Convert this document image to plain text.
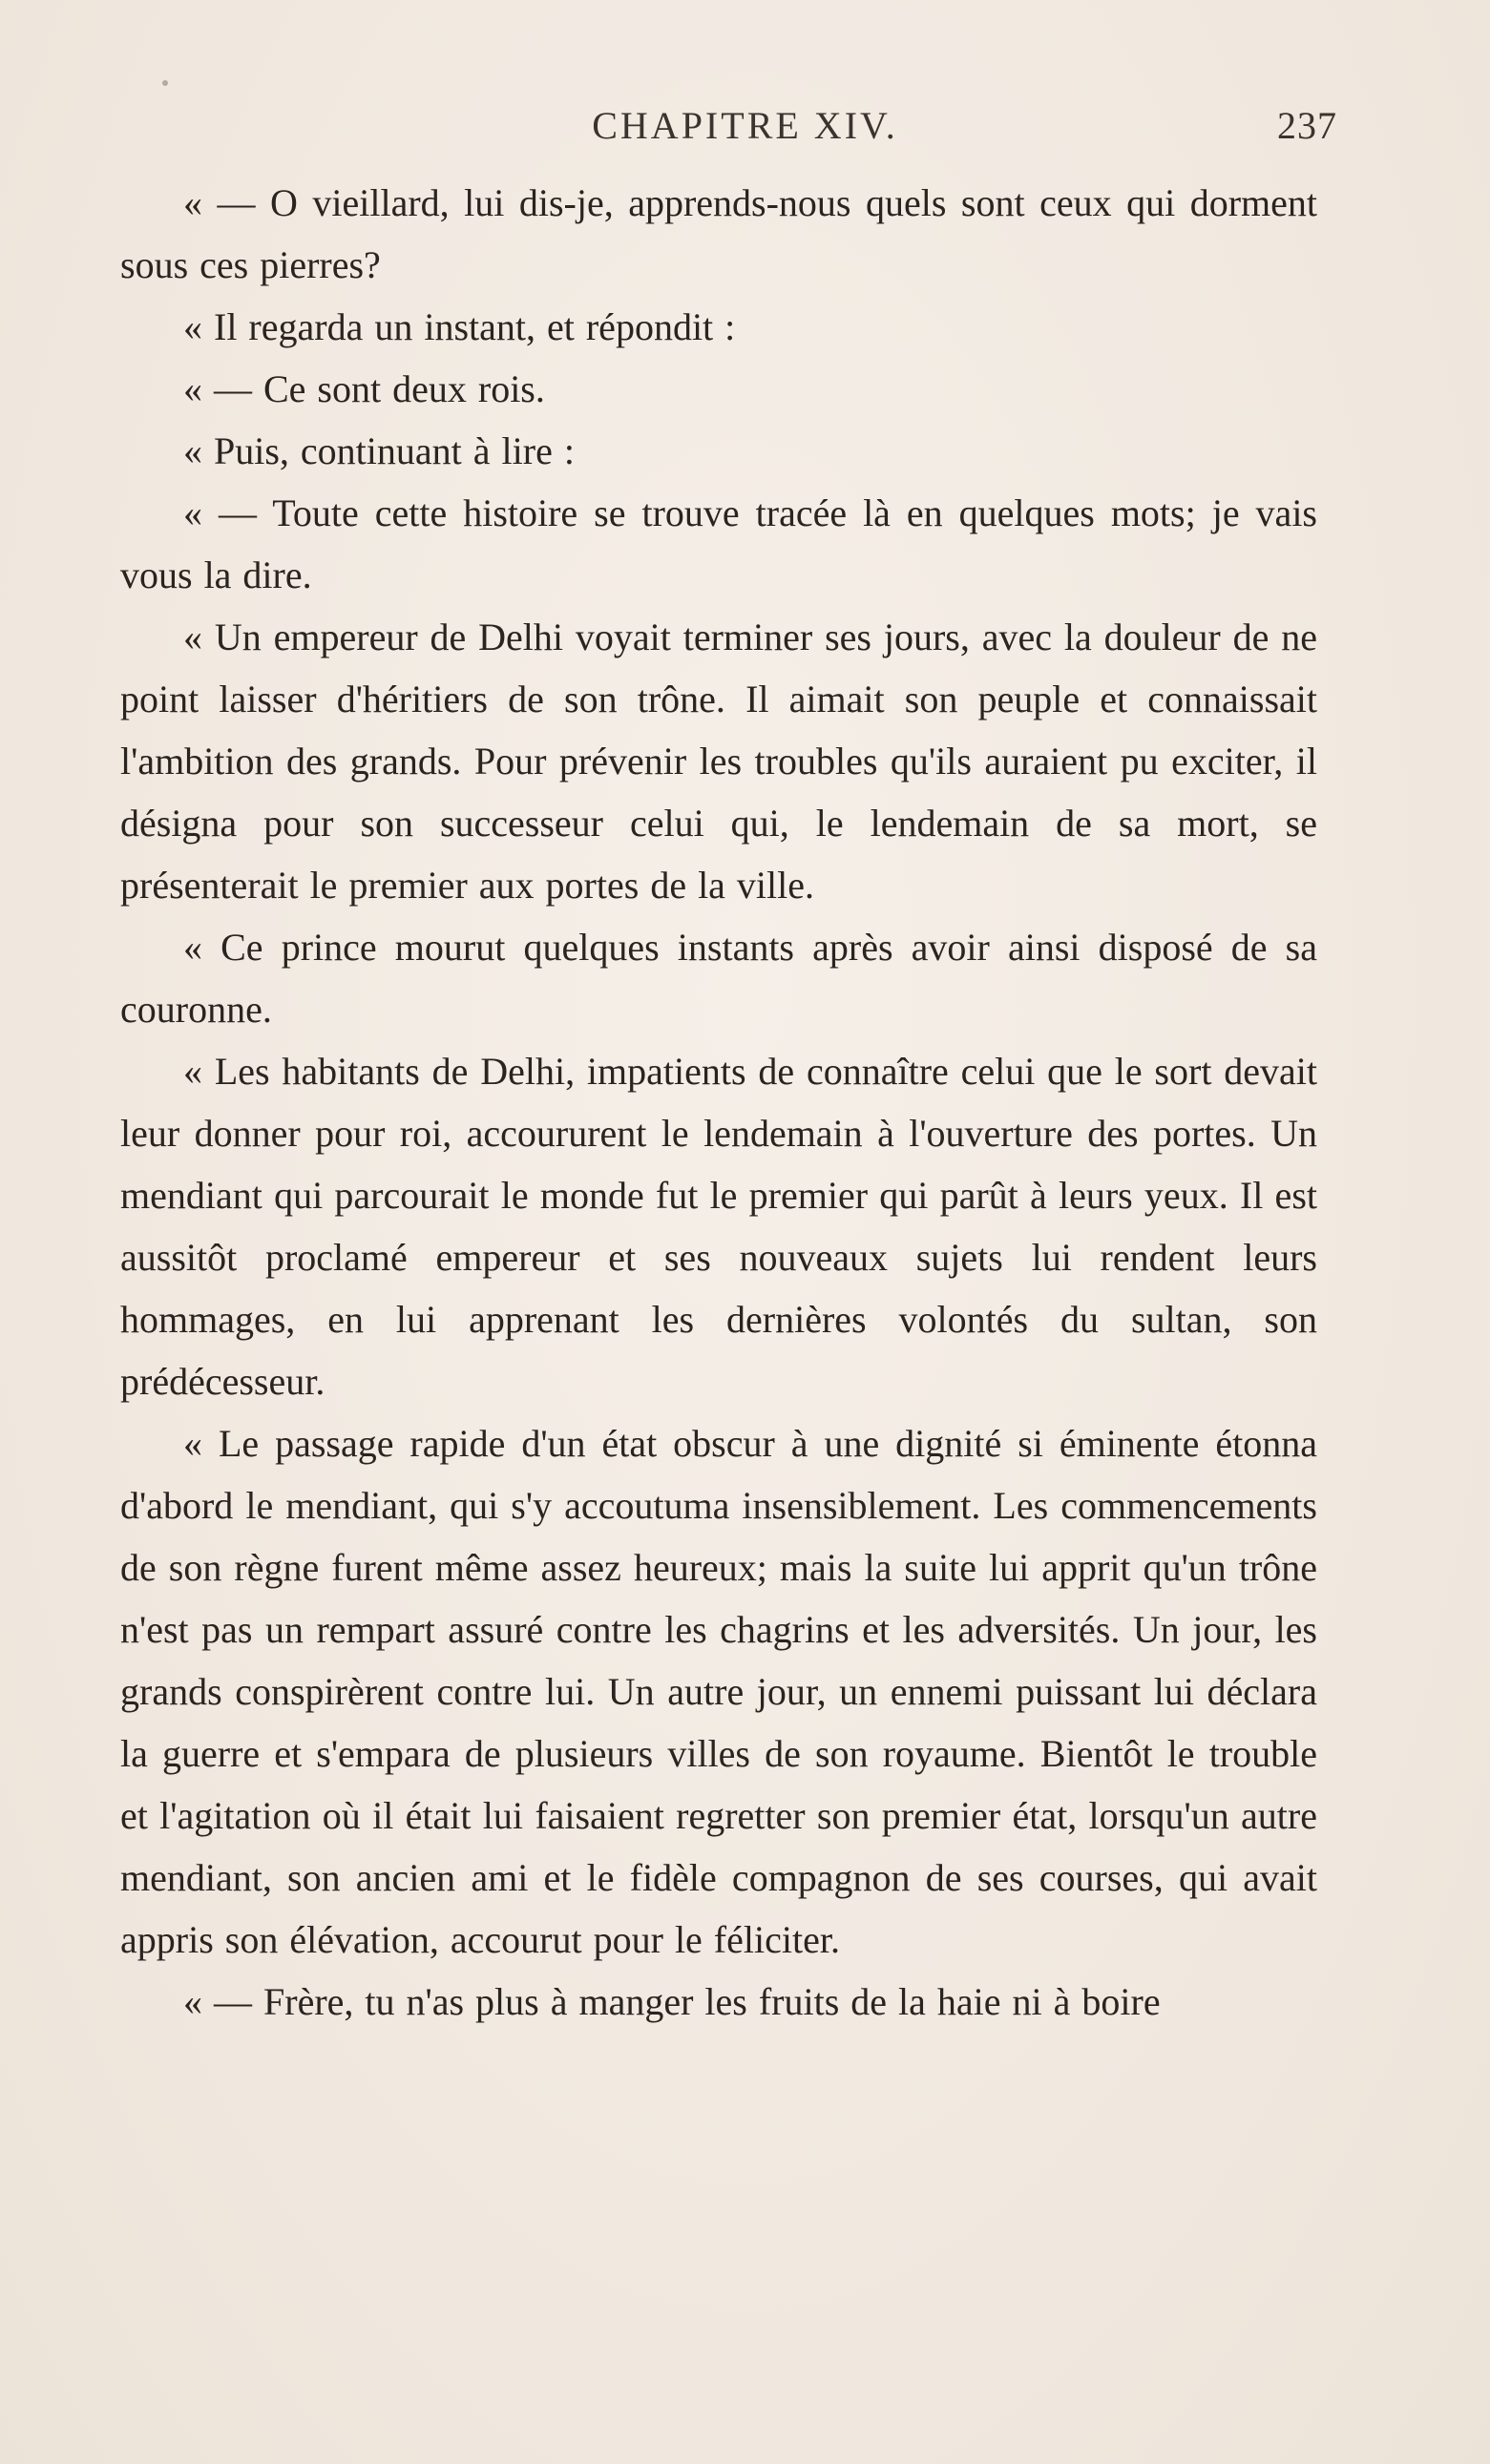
CHAPITRE XIV.	237

« — O vieillard, lui dis-je, apprends-nous quels sont ceux qui dorment sous ces pierres?

« Il regarda un instant, et répondit :

« — Ce sont deux rois.

« Puis, continuant à lire :

« — Toute cette histoire se trouve tracée là en quelques mots; je vais vous la dire.

« Un empereur de Delhi voyait terminer ses jours, avec la douleur de ne point laisser d'héritiers de son trône. Il aimait son peuple et connaissait l'ambition des grands. Pour prévenir les troubles qu'ils auraient pu exciter, il désigna pour son successeur celui qui, le lendemain de sa mort, se présenterait le premier aux portes de la ville.

« Ce prince mourut quelques instants après avoir ainsi disposé de sa couronne.

« Les habitants de Delhi, impatients de connaître celui que le sort devait leur donner pour roi, accoururent le lendemain à l'ouverture des portes. Un mendiant qui parcourait le monde fut le premier qui parût à leurs yeux. Il est aussitôt proclamé empereur et ses nouveaux sujets lui rendent leurs hommages, en lui apprenant les dernières volontés du sultan, son prédécesseur.

« Le passage rapide d'un état obscur à une dignité si éminente étonna d'abord le mendiant, qui s'y accoutuma insensiblement. Les commencements de son règne furent même assez heureux; mais la suite lui apprit qu'un trône n'est pas un rempart assuré contre les chagrins et les adversités. Un jour, les grands conspirèrent contre lui. Un autre jour, un ennemi puissant lui déclara la guerre et s'empara de plusieurs villes de son royaume. Bientôt le trouble et l'agitation où il était lui faisaient regretter son premier état, lorsqu'un autre mendiant, son ancien ami et le fidèle compagnon de ses courses, qui avait appris son élévation, accourut pour le féliciter.

« — Frère, tu n'as plus à manger les fruits de la haie ni à boire
